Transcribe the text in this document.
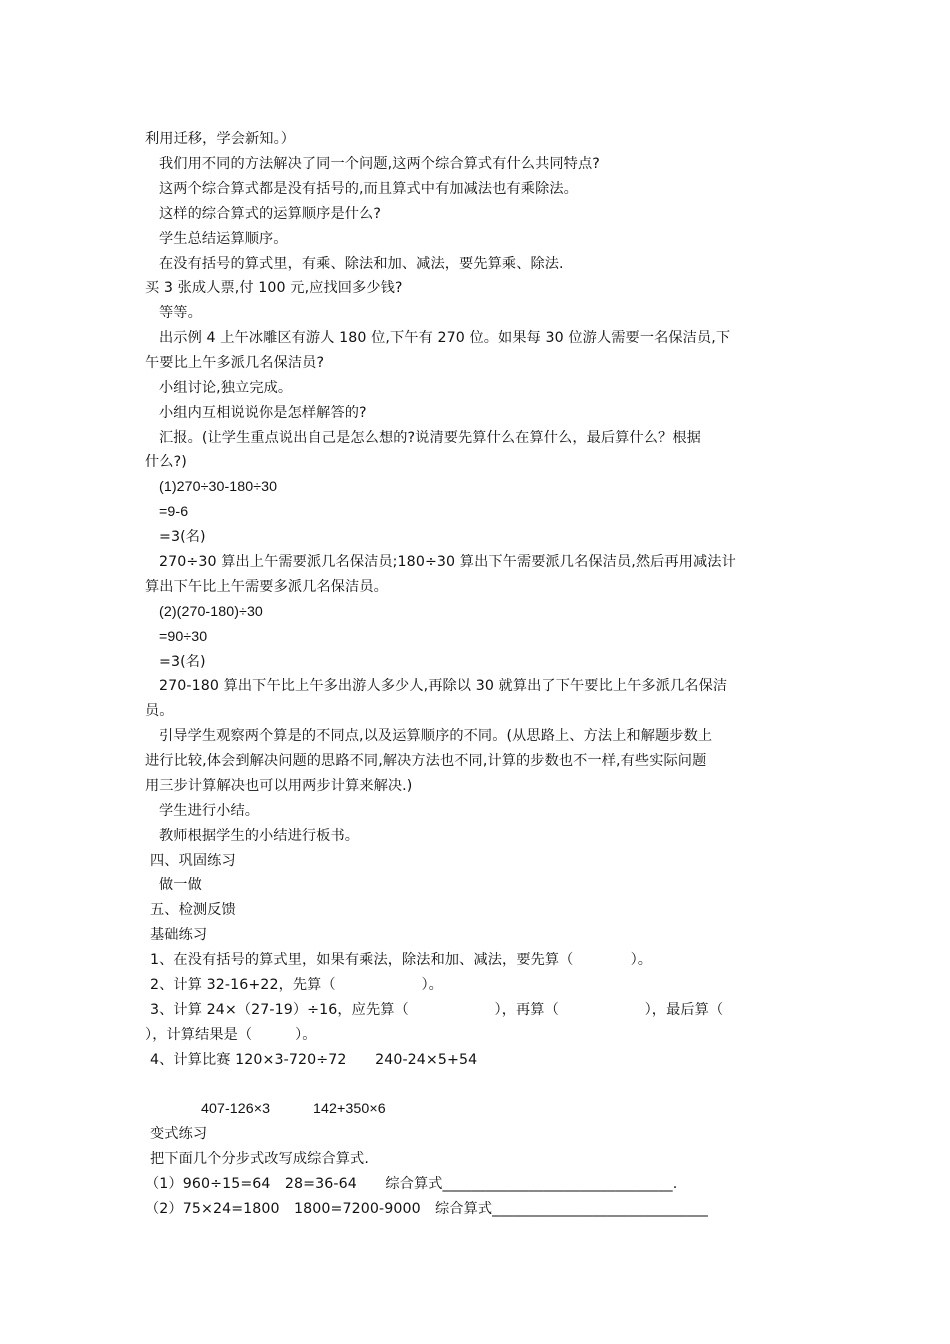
利用迁移，学会新知。）
我们用不同的方法解决了同一个问题,这两个综合算式有什么共同特点?
这两个综合算式都是没有括号的,而且算式中有加减法也有乘除法。
这样的综合算式的运算顺序是什么?
学生总结运算顺序。
在没有括号的算式里，有乘、除法和加、减法，要先算乘、除法.
买 3 张成人票,付 100 元,应找回多少钱?
等等。
出示例 4 上午冰雕区有游人 180 位,下午有 270 位。如果每 30 位游人需要一名保洁员,下
午要比上午多派几名保洁员?
小组讨论,独立完成。
小组内互相说说你是怎样解答的?
汇报。(让学生重点说出自己是怎么想的?说清要先算什么在算什么，最后算什么？根据
什么?)
(1)270÷30-180÷30
=9-6
=3(名)
270÷30 算出上午需要派几名保洁员;180÷30 算出下午需要派几名保洁员,然后再用减法计
算出下午比上午需要多派几名保洁员。
(2)(270-180)÷30
=90÷30
=3(名)
270-180 算出下午比上午多出游人多少人,再除以 30 就算出了下午要比上午多派几名保洁
员。
引导学生观察两个算是的不同点,以及运算顺序的不同。(从思路上、方法上和解题步数上
进行比较,体会到解决问题的思路不同,解决方法也不同,计算的步数也不一样,有些实际问题
用三步计算解决也可以用两步计算来解决.)
学生进行小结。
教师根据学生的小结进行板书。
四、巩固练习
做一做
五、检测反馈
基础练习
1、在没有括号的算式里，如果有乘法，除法和加、减法，要先算（　　　　）。
2、计算 32-16+22，先算（　　　　　　）。
3、计算 24×（27-19）÷16，应先算（　　　　　　），再算（　　　　　　），最后算（
），计算结果是（　　　）。
4、计算比赛 120×3-720÷72　　240-24×5+54
407-126×3　　　142+350×6
变式练习
把下面几个分步式改写成综合算式.
（1）960÷15=64　28=36-64　　综合算式________________________________.
（2）75×24=1800　1800=7200-9000　综合算式______________________________
